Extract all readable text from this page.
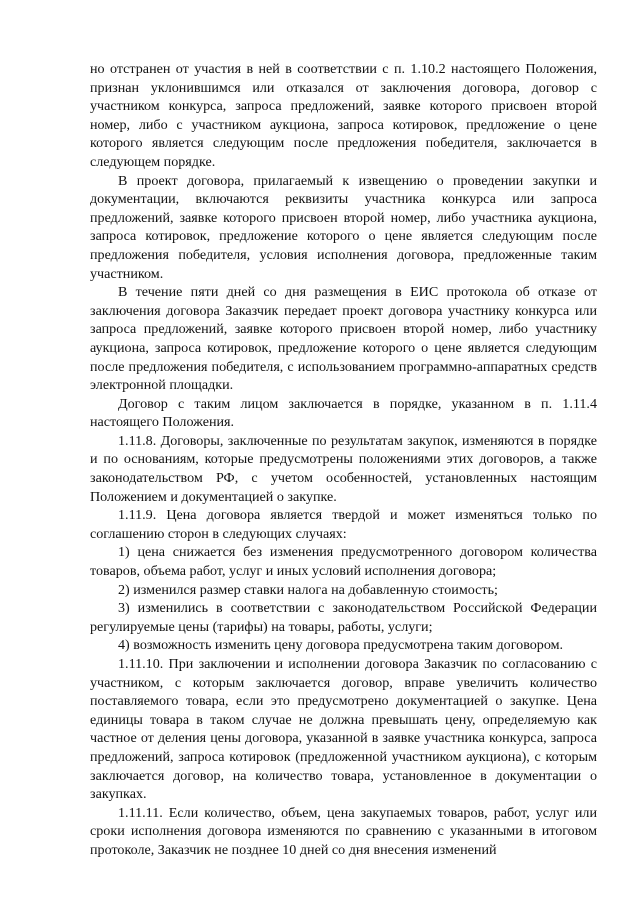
но отстранен от участия в ней в соответствии с п. 1.10.2 настоящего Положения, признан уклонившимся или отказался от заключения договора, договор с участником конкурса, запроса предложений, заявке которого присвоен второй номер, либо с участником аукциона, запроса котировок, предложение о цене которого является следующим после предложения победителя, заключается в следующем порядке.

В проект договора, прилагаемый к извещению о проведении закупки и документации, включаются реквизиты участника конкурса или запроса предложений, заявке которого присвоен второй номер, либо участника аукциона, запроса котировок, предложение которого о цене является следующим после предложения победителя, условия исполнения договора, предложенные таким участником.

В течение пяти дней со дня размещения в ЕИС протокола об отказе от заключения договора Заказчик передает проект договора участнику конкурса или запроса предложений, заявке которого присвоен второй номер, либо участнику аукциона, запроса котировок, предложение которого о цене является следующим после предложения победителя, с использованием программно-аппаратных средств электронной площадки.

Договор с таким лицом заключается в порядке, указанном в п. 1.11.4 настоящего Положения.

1.11.8. Договоры, заключенные по результатам закупок, изменяются в порядке и по основаниям, которые предусмотрены положениями этих договоров, а также законодательством РФ, с учетом особенностей, установленных настоящим Положением и документацией о закупке.

1.11.9. Цена договора является твердой и может изменяться только по соглашению сторон в следующих случаях:

1) цена снижается без изменения предусмотренного договором количества товаров, объема работ, услуг и иных условий исполнения договора;

2) изменился размер ставки налога на добавленную стоимость;

3) изменились в соответствии с законодательством Российской Федерации регулируемые цены (тарифы) на товары, работы, услуги;

4) возможность изменить цену договора предусмотрена таким договором.

1.11.10. При заключении и исполнении договора Заказчик по согласованию с участником, с которым заключается договор, вправе увеличить количество поставляемого товара, если это предусмотрено документацией о закупке. Цена единицы товара в таком случае не должна превышать цену, определяемую как частное от деления цены договора, указанной в заявке участника конкурса, запроса предложений, запроса котировок (предложенной участником аукциона), с которым заключается договор, на количество товара, установленное в документации о закупках.

1.11.11. Если количество, объем, цена закупаемых товаров, работ, услуг или сроки исполнения договора изменяются по сравнению с указанными в итоговом протоколе, Заказчик не позднее 10 дней со дня внесения изменений
